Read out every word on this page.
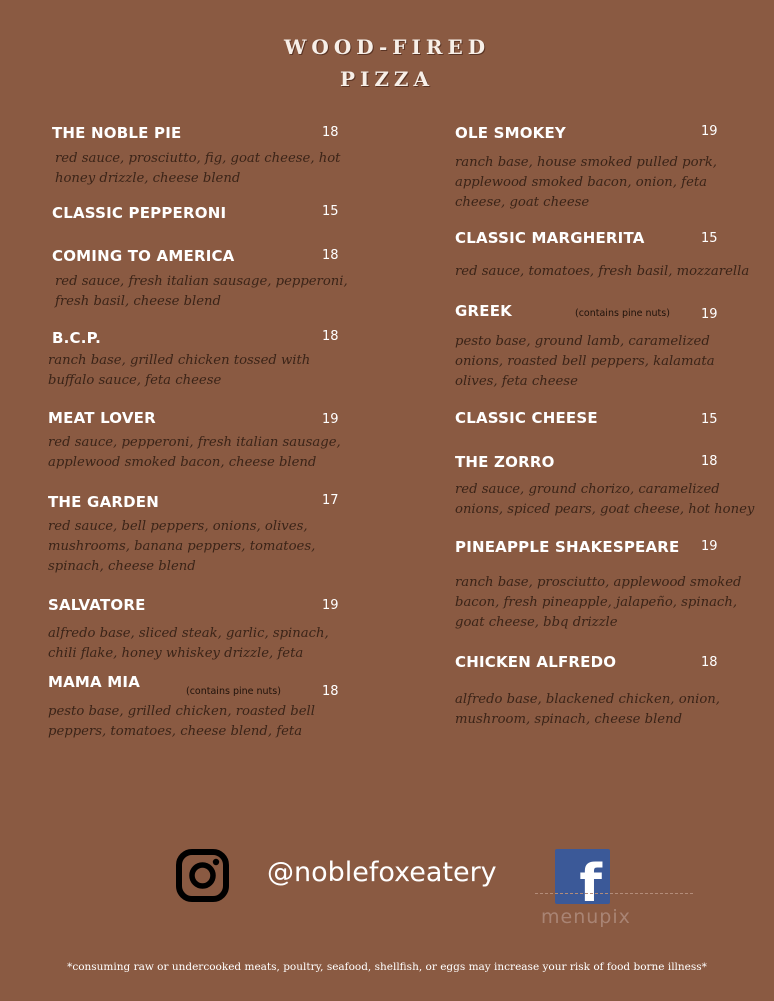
WOOD-FIRED
PIZZA
THE NOBLE PIE	18
red sauce, prosciutto, fig, goat cheese, hot
honey drizzle, cheese blend
CLASSIC PEPPERONI	15
COMING TO AMERICA	18
red sauce, fresh italian sausage, pepperoni,
fresh basil, cheese blend
B.C.P.	18
ranch base, grilled chicken tossed with
buffalo sauce, feta cheese
MEAT LOVER	19
red sauce, pepperoni, fresh italian sausage,
applewood smoked bacon, cheese blend
THE GARDEN	17
red sauce, bell peppers, onions, olives,
mushrooms, banana peppers, tomatoes,
spinach, cheese blend
SALVATORE	19
alfredo base, sliced steak, garlic, spinach,
chili flake, honey whiskey drizzle, feta
MAMA MIA
(contains pine nuts)	18
pesto base, grilled chicken, roasted bell
peppers, tomatoes, cheese blend, feta
OLE SMOKEY	19
ranch base, house smoked pulled pork,
applewood smoked bacon, onion, feta
cheese, goat cheese
CLASSIC MARGHERITA	15
red sauce, tomatoes, fresh basil, mozzarella
GREEK	(contains pine nuts) 19
pesto base, ground lamb, caramelized
onions, roasted bell peppers, kalamata
olives, feta cheese
CLASSIC CHEESE	15
THE ZORRO	18
red sauce, ground chorizo, caramelized
onions, spiced pears, goat cheese, hot honey
PINEAPPLE SHAKESPEARE 19
ranch base, prosciutto, applewood smoked
bacon, fresh pineapple, jalapeño, spinach,
goat cheese, bbq drizzle
CHICKEN ALFREDO	18
alfredo base, blackened chicken, onion,
mushroom, spinach, cheese blend
@noblefoxeatery f
menupix
*consuming raw or undercooked meats, poultry, seafood, shellfish, or eggs may increase your risk of food borne illness*
